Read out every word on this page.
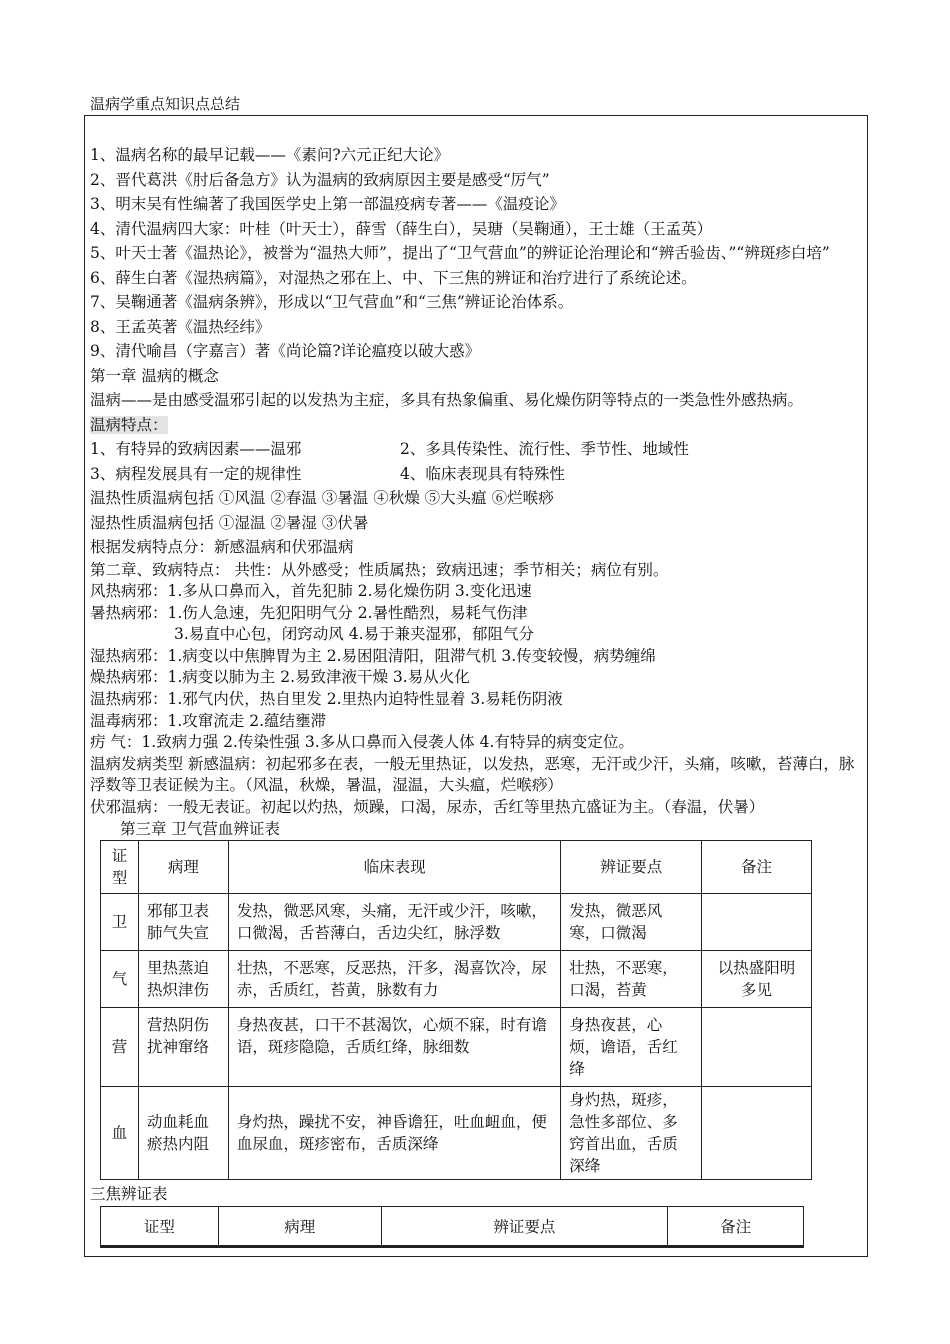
温病学重点知识点总结

1、温病名称的最早记载——《素问?六元正纪大论》

2、晋代葛洪《肘后备急方》认为温病的致病原因主要是感受“厉气”

3、明末吴有性编著了我国医学史上第一部温疫病专著——《温疫论》

4、清代温病四大家：叶桂（叶天士），薛雪（薛生白），吴瑭（吴鞠通），王士雄（王孟英）

5、叶天士著《温热论》，被誉为“温热大师”，提出了“卫气营血”的辨证论治理论和“辨舌验齿、”“辨斑疹白培”

6、薛生白著《湿热病篇》，对湿热之邪在上、中、下三焦的辨证和治疗进行了系统论述。

7、吴鞠通著《温病条辨》，形成以“卫气营血”和“三焦”辨证论治体系。

8、王孟英著《温热经纬》

9、清代喻昌（字嘉言）著《尚论篇?详论瘟疫以破大惑》

第一章 温病的概念

温病——是由感受温邪引起的以发热为主症，多具有热象偏重、易化燥伤阴等特点的一类急性外感热病。

温病特点：

1、有特异的致病因素——温邪	2、多具传染性、流行性、季节性、地域性

3、病程发展具有一定的规律性	4、临床表现具有特殊性

温热性质温病包括 ①风温 ②春温 ③暑温 ④秋燥 ⑤大头瘟 ⑥烂喉痧

湿热性质温病包括 ①湿温 ②暑湿 ③伏暑

根据发病特点分：新感温病和伏邪温病

第二章、致病特点： 共性：从外感受；性质属热；致病迅速；季节相关；病位有别。

风热病邪：1.多从口鼻而入，首先犯肺 2.易化燥伤阴 3.变化迅速

暑热病邪：1.伤人急速，先犯阳明气分 2.暑性酷烈，易耗气伤津

3.易直中心包，闭窍动风 4.易于兼夹湿邪，郁阻气分

湿热病邪：1.病变以中焦脾胃为主 2.易困阻清阳，阻滞气机 3.传变较慢，病势缠绵

燥热病邪：1.病变以肺为主 2.易致津液干燥 3.易从火化

温热病邪：1.邪气内伏，热自里发 2.里热内迫特性显着 3.易耗伤阴液

温毒病邪：1.攻窜流走 2.蕴结壅滞

疠 气：1.致病力强 2.传染性强 3.多从口鼻而入侵袭人体 4.有特异的病变定位。

温病发病类型 新感温病：初起邪多在表，一般无里热证，以发热，恶寒，无汗或少汗，头痛，咳嗽，苔薄白，脉浮数等卫表证候为主。（风温，秋燥，暑温，湿温，大头瘟，烂喉痧）

伏邪温病：一般无表证。初起以灼热，烦躁，口渴，尿赤，舌红等里热亢盛证为主。（春温，伏暑）

第三章 卫气营血辨证表

证型	病理	临床表现	辨证要点	备注
卫	邪郁卫表肺气失宣	发热，微恶风寒，头痛，无汗或少汗，咳嗽，口微渴，舌苔薄白，舌边尖红，脉浮数	发热，微恶风寒，口微渴	
气	里热蒸迫热炽津伤	壮热，不恶寒，反恶热，汗多，渴喜饮冷，尿赤，舌质红，苔黄，脉数有力	壮热，不恶寒，口渴，苔黄	以热盛阳明多见
营	营热阴伤扰神窜络	身热夜甚，口干不甚渴饮，心烦不寐，时有谵语，斑疹隐隐，舌质红绛，脉细数	身热夜甚，心烦，谵语，舌红绛	
血	动血耗血瘀热内阻	身灼热，躁扰不安，神昏谵狂，吐血衄血，便血尿血，斑疹密布，舌质深绛	身灼热，斑疹，急性多部位、多窍首出血，舌质深绛	

三焦辨证表

证型	病理	辨证要点	备注
